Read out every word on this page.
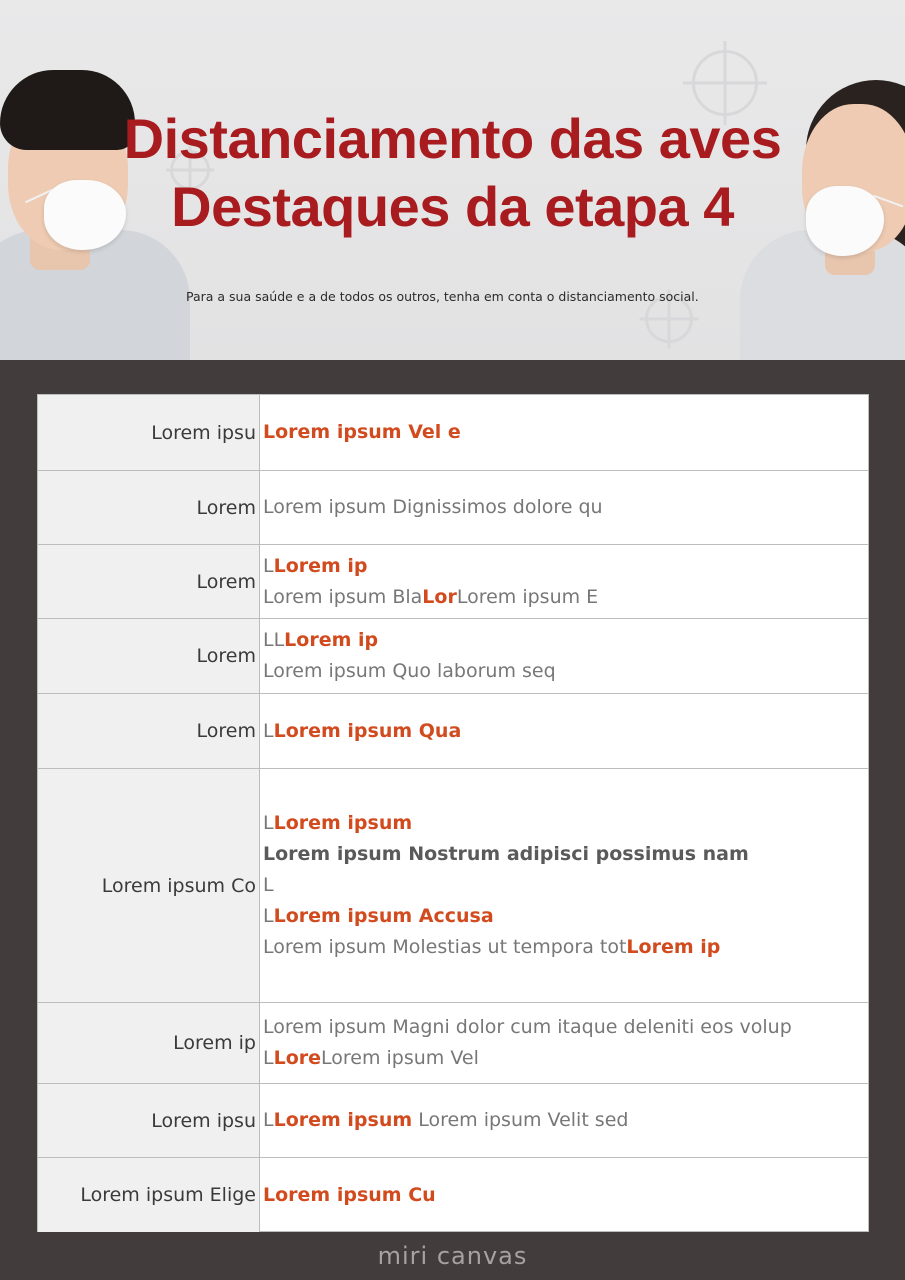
Distanciamento das aves
Destaques da etapa 4
Para a sua saúde e a de todos os outros, tenha em conta o distanciamento social.
Lorem ipsu Lorem ipsum Vel e
Lorem Lorem ipsum Dignissimos dolore qu
Lorem
LLorem ip
Lorem ipsum BlaLorLorem ipsum E
Lorem
LLLorem ip
Lorem ipsum Quo laborum seq
Lorem LLorem ipsum Qua
Lorem ipsum Co
LLorem ipsum
Lorem ipsum Nostrum adipisci possimus nam
L
LLorem ipsum Accusa
Lorem ipsum Molestias ut tempora totLorem ip
Lorem ip
Lorem ipsum Magni dolor cum itaque deleniti eos volup
LLoreLorem ipsum Vel
Lorem ipsu LLorem ipsum Lorem ipsum Velit sed
Lorem ipsum Elige Lorem ipsum Cu
miri canvas
